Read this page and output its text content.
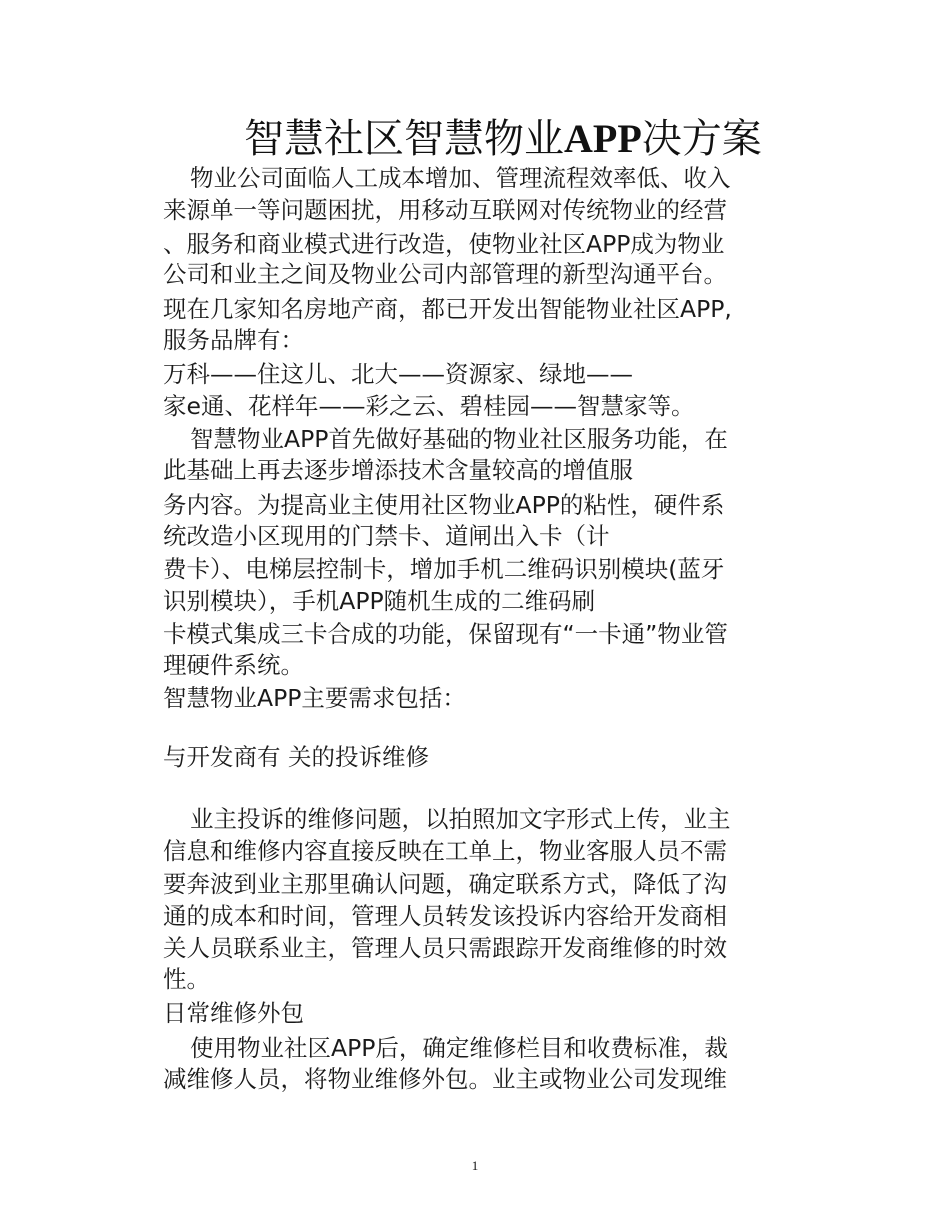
智慧社区智慧物业APP决方案
物业公司面临人工成本增加、管理流程效率低、收入
来源单一等问题困扰，用移动互联网对传统物业的经营
、服务和商业模式进行改造，使物业社区APP成为物业
公司和业主之间及物业公司内部管理的新型沟通平台。
现在几家知名房地产商，都已开发出智能物业社区APP,
服务品牌有：
万科——住这儿、北大——资源家、绿地——
家e通、花样年——彩之云、碧桂园——智慧家等。
智慧物业APP首先做好基础的物业社区服务功能，在
此基础上再去逐步增添技术含量较高的增值服
务内容。为提高业主使用社区物业APP的粘性，硬件系
统改造小区现用的门禁卡、道闸出入卡（计
费卡）、电梯层控制卡，增加手机二维码识别模块(蓝牙
识别模块），手机APP随机生成的二维码刷
卡模式集成三卡合成的功能，保留现有“一卡通”物业管
理硬件系统。
智慧物业APP主要需求包括：
与开发商有 关的投诉维修
业主投诉的维修问题，以拍照加文字形式上传，业主
信息和维修内容直接反映在工单上，物业客服人员不需
要奔波到业主那里确认问题，确定联系方式，降低了沟
通的成本和时间，管理人员转发该投诉内容给开发商相
关人员联系业主，管理人员只需跟踪开发商维修的时效
性。
日常维修外包
使用物业社区APP后，确定维修栏目和收费标准，裁
减维修人员，将物业维修外包。业主或物业公司发现维
1
